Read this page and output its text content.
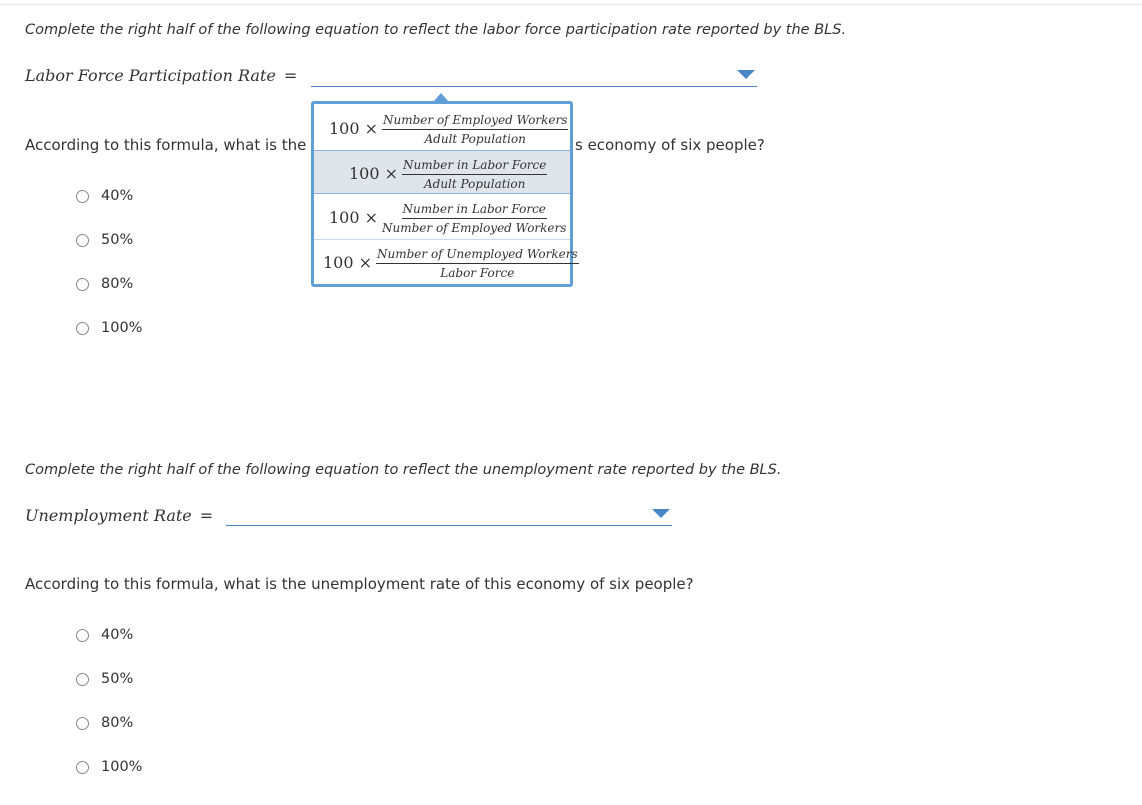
Complete the right half of the following equation to reflect the labor force participation rate reported by the BLS.
Labor Force Participation Rate =
According to this formula, what is the	s economy of six people?
40%
50%
80%
100%
100 × Number of Employed Workers
Adult Population
100 × Number in Labor Force
Adult Population
100 × Number in Labor Force
Number of Employed Workers
100 × Number of Unemployed Workers
Labor Force
Complete the right half of the following equation to reflect the unemployment rate reported by the BLS.
Unemployment Rate =
According to this formula, what is the unemployment rate of this economy of six people?
40%
50%
80%
100%
